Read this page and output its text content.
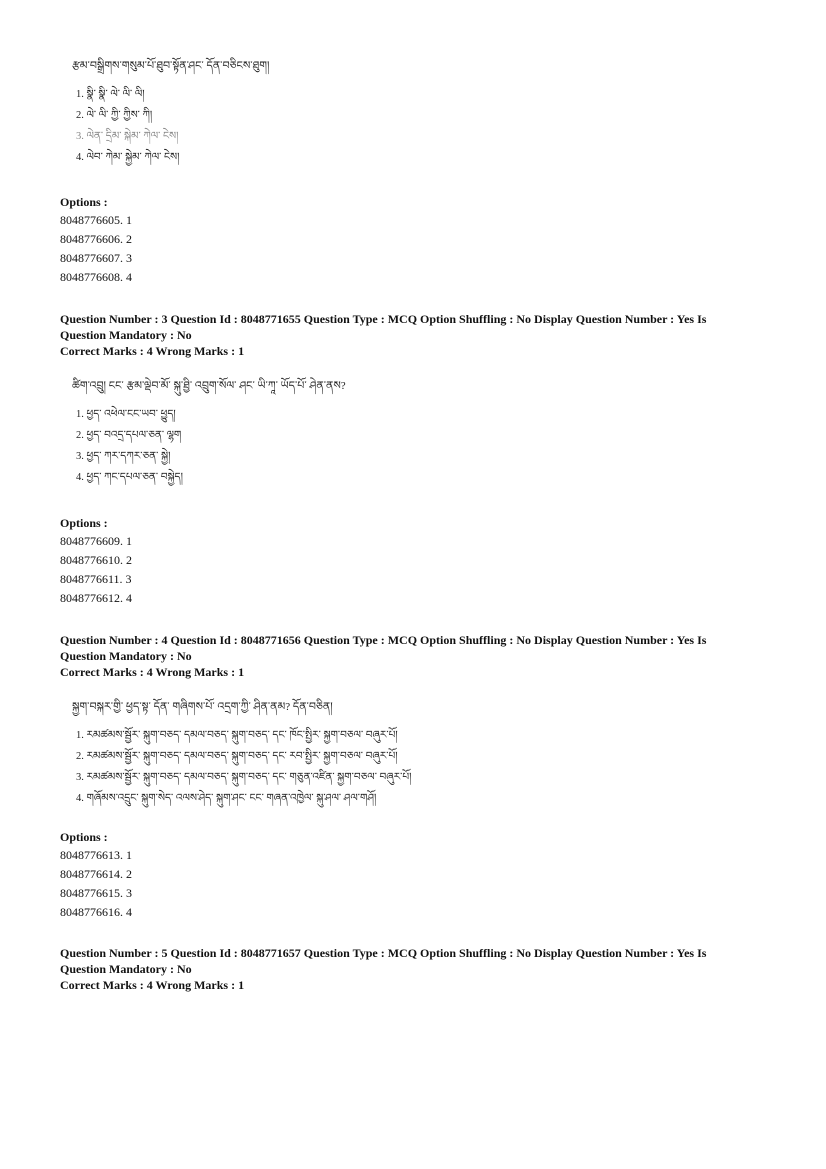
རྩམ་བསྒྲིགས་གསུམ་པོ་ཐུབ་སྟོན་ཤང་ དོན་བཅིངས་ཐུག།
1. སྣི་ སྣི་ ལེ་ ལི་ ལི།
2. ལེ་ ལི་ ཀྱི་ ཀྱིས་ ཀི།
3. ལེན་ དྲིམ་ སྐེམ་ ཀེལ་ ངེས།
4. ལེབ་ ཀེམ་ སྐྱེམ་ ཀེལ་ ངེས།
Options :
8048776605. 1
8048776606. 2
8048776607. 3
8048776608. 4
Question Number : 3 Question Id : 8048771655 Question Type : MCQ Option Shuffling : No Display Question Number : Yes Is
Question Mandatory : No
Correct Marks : 4 Wrong Marks : 1
ཚིག་འབྲུ། ངང་ རྩམ་ལྡེབ་མོ་ སྐུ་ཐྱི་ འབྲུག་སོལ་ ཤང་ ཡི་ཀཱ་ ཡོད་པོ་ ཤེན་ནས?
1. ཕྱད་ འཕེལ་ངང་ཡབ་ ཕྱུད།
2. ཕྱད་ བའདྲ་དཔལ་ཅན་ ལྷག
3. ཕྱད་ ཀར་དཀར་ཅན་ སྐྱེ།
4. ཕྱད་ ཀང་དཔལ་ཅན་ བསྐྱེད།
Options :
8048776609. 1
8048776610. 2
8048776611. 3
8048776612. 4
Question Number : 4 Question Id : 8048771656 Question Type : MCQ Option Shuffling : No Display Question Number : Yes Is
Question Mandatory : No
Correct Marks : 4 Wrong Marks : 1
སྐྱག་བསྐར་གྱི་ ཕྱད་སྟ་ དོན་ གཞིགས་པོ་ འདྲག་ཀྱི་ ཤིན་ནམ? དོན་བཅིན།
1. རམཚམས་སྦྱོར་ སྐུག་བཅད་ དམལ་བཅད་ སྐུག་བཅད་ དང་ ཁོང་སྤྱིར་ སྐྱག་བཅལ་ བཞུར་པོ།
2. རམཚམས་སྦྱོར་ སྐུག་བཅད་ དམལ་བཅད་ སྐུག་བཅད་ དང་ རབ་སྤྱིར་ སྐྱག་བཅལ་ བཞུར་པོ།
3. རམཚམས་སྦྱོར་ སྐུག་བཅད་ དམལ་བཅད་ སྐུག་བཅད་ དང་ གཅུན་འཛིན་ སྐྱག་བཅལ་ བཞུར་པོ།
4. གཞོམས་འདྲུང་ སྐུག་སེད་ འལས་ཤེད་ སྐུག་ཤང་ ངང་ གཞན་འཁྱེལ་ སྐུ་ཤལ་ ཤལ་གཤོ།
Options :
8048776613. 1
8048776614. 2
8048776615. 3
8048776616. 4
Question Number : 5 Question Id : 8048771657 Question Type : MCQ Option Shuffling : No Display Question Number : Yes Is
Question Mandatory : No
Correct Marks : 4 Wrong Marks : 1
